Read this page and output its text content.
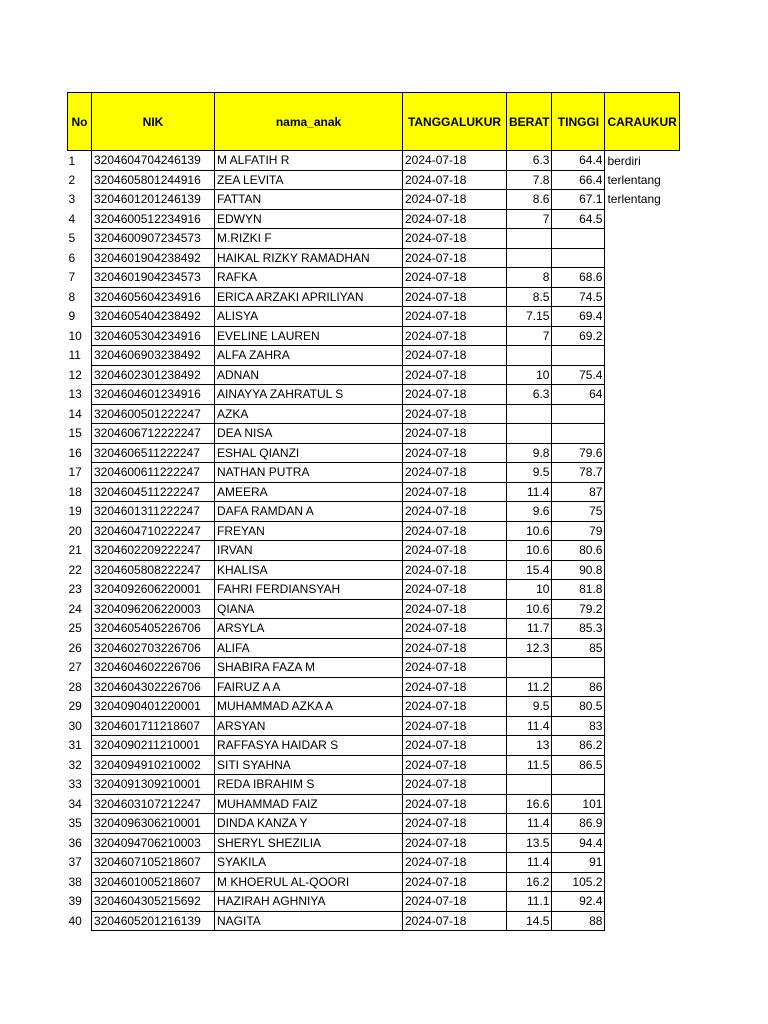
No	NIK	nama_anak	TANGGALUKUR	BERAT	TINGGI	CARAUKUR
1	3204604704246139	M ALFATIH R	2024-07-18	6.3	64.4	berdiri
2	3204605801244916	ZEA LEVITA	2024-07-18	7.8	66.4	terlentang
3	3204601201246139	FATTAN	2024-07-18	8.6	67.1	terlentang
4	3204600512234916	EDWYN	2024-07-18	7	64.5	
5	3204600907234573	M.RIZKI F	2024-07-18			
6	3204601904238492	HAIKAL RIZKY RAMADHAN	2024-07-18			
7	3204601904234573	RAFKA	2024-07-18	8	68.6	
8	3204605604234916	ERICA ARZAKI APRILIYAN	2024-07-18	8.5	74.5	
9	3204605404238492	ALISYA	2024-07-18	7.15	69.4	
10	3204605304234916	EVELINE LAUREN	2024-07-18	7	69.2	
11	3204606903238492	ALFA ZAHRA	2024-07-18			
12	3204602301238492	ADNAN	2024-07-18	10	75.4	
13	3204604601234916	AINAYYA ZAHRATUL S	2024-07-18	6.3	64	
14	3204600501222247	AZKA	2024-07-18			
15	3204606712222247	DEA NISA	2024-07-18			
16	3204606511222247	ESHAL QIANZI	2024-07-18	9.8	79.6	
17	3204600611222247	NATHAN PUTRA	2024-07-18	9.5	78.7	
18	3204604511222247	AMEERA	2024-07-18	11.4	87	
19	3204601311222247	DAFA RAMDAN A	2024-07-18	9.6	75	
20	3204604710222247	FREYAN	2024-07-18	10.6	79	
21	3204602209222247	IRVAN	2024-07-18	10.6	80.6	
22	3204605808222247	KHALISA	2024-07-18	15.4	90.8	
23	3204092606220001	FAHRI FERDIANSYAH	2024-07-18	10	81.8	
24	3204096206220003	QIANA	2024-07-18	10.6	79.2	
25	3204605405226706	ARSYLA	2024-07-18	11.7	85.3	
26	3204602703226706	ALIFA	2024-07-18	12.3	85	
27	3204604602226706	SHABIRA FAZA M	2024-07-18			
28	3204604302226706	FAIRUZ A A	2024-07-18	11.2	86	
29	3204090401220001	MUHAMMAD AZKA A	2024-07-18	9.5	80.5	
30	3204601711218607	ARSYAN	2024-07-18	11.4	83	
31	3204090211210001	RAFFASYA HAIDAR S	2024-07-18	13	86.2	
32	3204094910210002	SITI SYAHNA	2024-07-18	11.5	86.5	
33	3204091309210001	REDA IBRAHIM S	2024-07-18			
34	3204603107212247	MUHAMMAD FAIZ	2024-07-18	16.6	101	
35	3204096306210001	DINDA KANZA Y	2024-07-18	11.4	86.9	
36	3204094706210003	SHERYL SHEZILIA	2024-07-18	13.5	94.4	
37	3204607105218607	SYAKILA	2024-07-18	11.4	91	
38	3204601005218607	M KHOERUL AL-QOORI	2024-07-18	16.2	105.2	
39	3204604305215692	HAZIRAH AGHNIYA	2024-07-18	11.1	92.4	
40	3204605201216139	NAGITA	2024-07-18	14.5	88	
